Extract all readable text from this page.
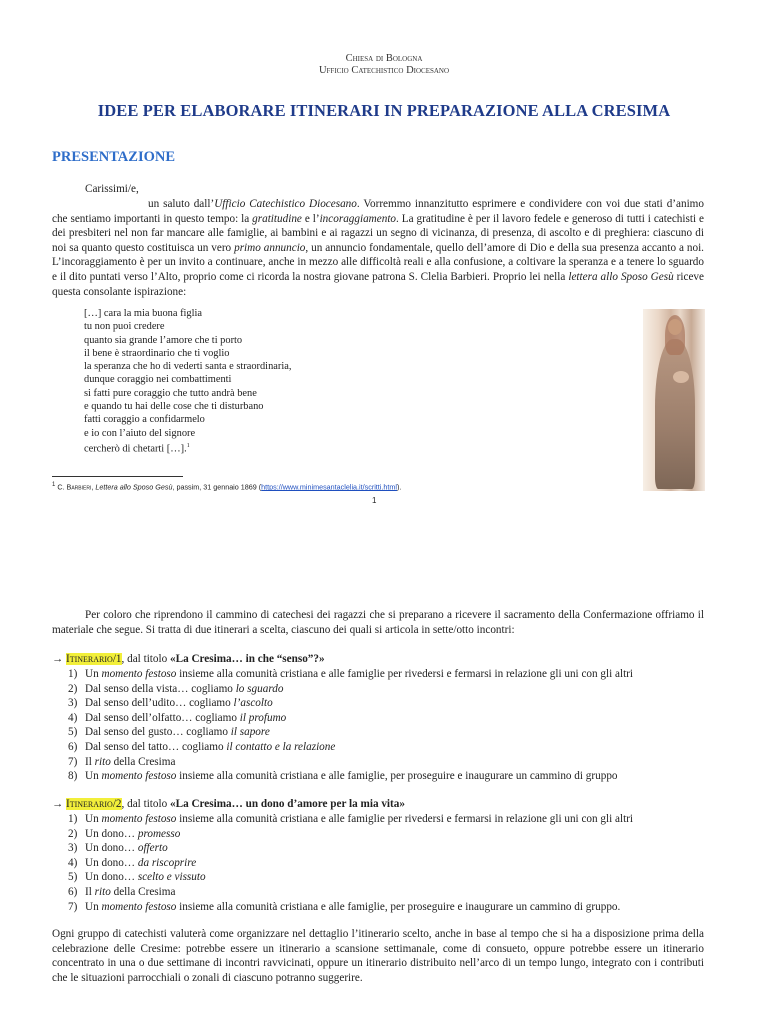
Chiesa di Bologna
Ufficio Catechistico Diocesano
IDEE PER ELABORARE ITINERARI IN PREPARAZIONE ALLA CRESIMA
PRESENTAZIONE
Carissimi/e,
un saluto dall’Ufficio Catechistico Diocesano. Vorremmo innanzitutto esprimere e condividere con voi due stati d’animo che sentiamo importanti in questo tempo: la gratitudine e l’incoraggiamento. La gratitudine è per il lavoro fedele e generoso di tutti i catechisti e dei presbiteri nel non far mancare alle famiglie, ai bambini e ai ragazzi un segno di vicinanza, di presenza, di ascolto e di preghiera: ciascuno di noi sa quanto questo costituisca un vero primo annuncio, un annuncio fondamentale, quello dell’amore di Dio e della sua presenza accanto a noi. L’incoraggiamento è per un invito a continuare, anche in mezzo alle difficoltà reali e alla confusione, a coltivare la speranza e a tenere lo sguardo e il dito puntati verso l’Alto, proprio come ci ricorda la nostra giovane patrona S. Clelia Barbieri. Proprio lei nella lettera allo Sposo Gesù riceve questa consolante ispirazione:
[…] cara la mia buona figlia
tu non puoi credere
quanto sia grande l’amore che ti porto
il bene è straordinario che ti voglio
la speranza che ho di vederti santa e straordinaria,
dunque coraggio nei combattimenti
si fatti pure coraggio che tutto andrà bene
e quando tu hai delle cose che ti disturbano
fatti coraggio a confidarmelo
e io con l’aiuto del signore
cercherò di chetarti […].$^1$
$^1$ C. Barbieri, Lettera allo Sposo Gesù, passim, 31 gennaio 1869 (https://www.minimesantaclelia.it/scritti.html).
1
Per coloro che riprendono il cammino di catechesi dei ragazzi che si preparano a ricevere il sacramento della Confermazione offriamo il materiale che segue. Si tratta di due itinerari a scelta, ciascuno dei quali si articola in sette/otto incontri:
→ Itinerario/1, dal titolo «La Cresima… in che “senso”?»
1) Un momento festoso insieme alla comunità cristiana e alle famiglie per rivedersi e fermarsi in relazione gli uni con gli altri
2) Dal senso della vista… cogliamo lo sguardo
3) Dal senso dell’udito… cogliamo l’ascolto
4) Dal senso dell’olfatto… cogliamo il profumo
5) Dal senso del gusto… cogliamo il sapore
6) Dal senso del tatto… cogliamo il contatto e la relazione
7) Il rito della Cresima
8) Un momento festoso insieme alla comunità cristiana e alle famiglie, per proseguire e inaugurare un cammino di gruppo
→ Itinerario/2, dal titolo «La Cresima… un dono d’amore per la mia vita»
1) Un momento festoso insieme alla comunità cristiana e alle famiglie per rivedersi e fermarsi in relazione gli uni con gli altri
2) Un dono… promesso
3) Un dono… offerto
4) Un dono… da riscoprire
5) Un dono… scelto e vissuto
6) Il rito della Cresima
7) Un momento festoso insieme alla comunità cristiana e alle famiglie, per proseguire e inaugurare un cammino di gruppo.
Ogni gruppo di catechisti valuterà come organizzare nel dettaglio l’itinerario scelto, anche in base al tempo che si ha a disposizione prima della celebrazione delle Cresime: potrebbe essere un itinerario a scansione settimanale, come di consueto, oppure potrebbe essere un itinerario concentrato in una o due settimane di incontri ravvicinati, oppure un itinerario distribuito nell’arco di un tempo lungo, integrato con i contributi che le situazioni parrocchiali o zonali di ciascuno potranno suggerire.
